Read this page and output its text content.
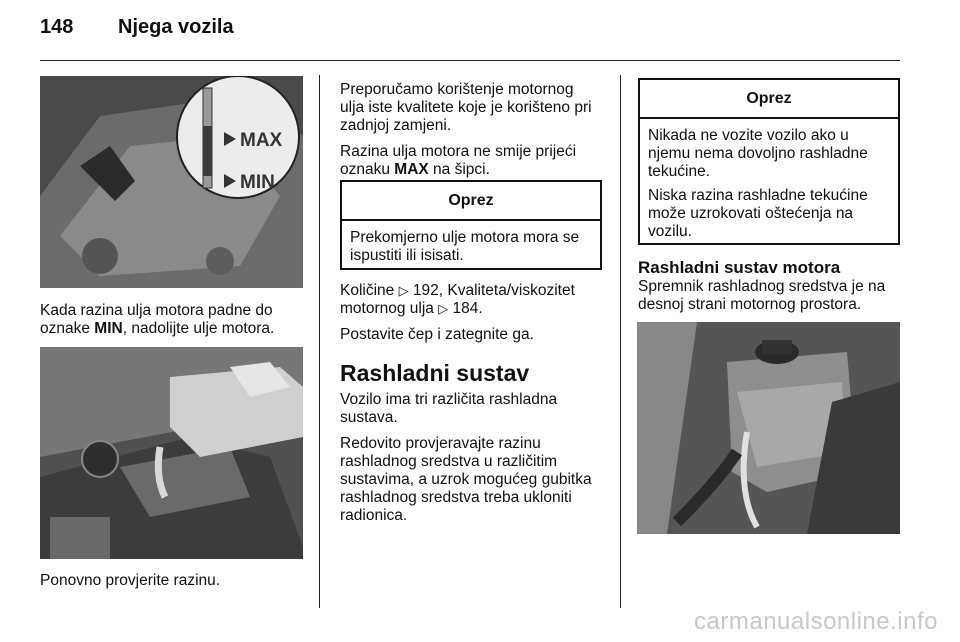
148	Njega vozila
MAX
MIN

Kada razina ulja motora padne do
oznake MIN, nadolijte ulje motora.

Ponovno provjerite razinu.

Preporučamo korištenje motornog
ulja iste kvalitete koje je korišteno pri
zadnjoj zamjeni.

Razina ulja motora ne smije prijeći
oznaku MAX na šipci.

Oprez
Prekomjerno ulje motora mora se
ispustiti ili isisati.

Količine ▷ 192, Kvaliteta/viskozitet
motornog ulja ▷ 184.

Postavite čep i zategnite ga.

Rashladni sustav

Vozilo ima tri različita rashladna
sustava.

Redovito provjeravajte razinu
rashladnog sredstva u različitim
sustavima, a uzrok mogućeg gubitka
rashladnog sredstva treba ukloniti
radionica.

Oprez

Nikada ne vozite vozilo ako u
njemu nema dovoljno rashladne
tekućine.

Niska razina rashladne tekućine
može uzrokovati oštećenja na
vozilu.

Rashladni sustav motora

Spremnik rashladnog sredstva je na
desnoj strani motornog prostora.

carmanualsonline.info
